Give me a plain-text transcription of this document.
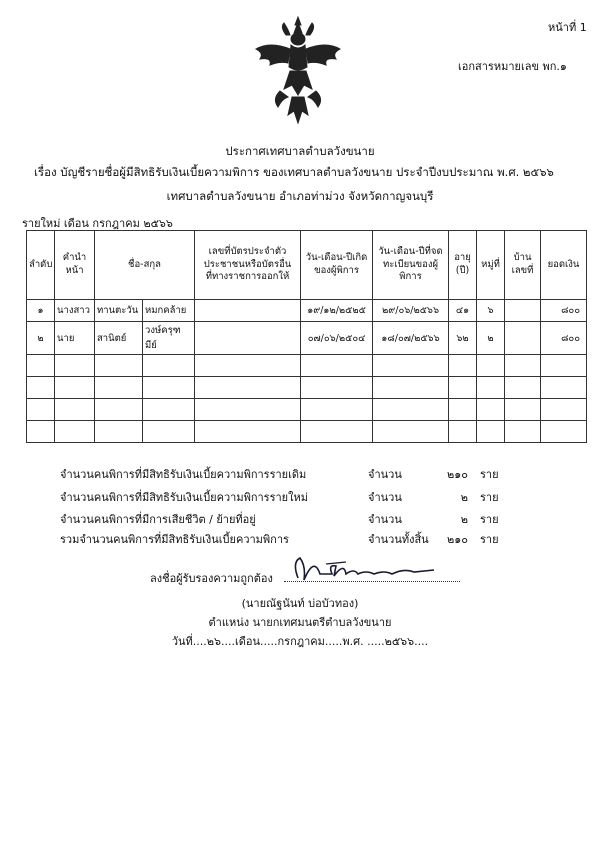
หน้าที่ 1
เอกสารหมายเลข พก.๑
ประกาศเทศบาลตำบลวังขนาย
เรื่อง บัญชีรายชื่อผู้มีสิทธิรับเงินเบี้ยความพิการ ของเทศบาลตำบลวังขนาย ประจำปีงบประมาณ พ.ศ. ๒๕๖๖
เทศบาลตำบลวังขนาย อำเภอท่าม่วง จังหวัดกาญจนบุรี
รายใหม่ เดือน กรกฎาคม ๒๕๖๖
ลำดับ	คำนำหน้า	ชื่อ-สกุล		เลขที่บัตรประจำตัวประชาชนหรือบัตรอื่นที่ทางราชการออกให้	วัน-เดือน-ปีเกิดของผู้พิการ	วัน-เดือน-ปีที่จดทะเบียนของผู้พิการ	อายุ (ปี)	หมู่ที่	บ้านเลขที่	ยอดเงิน
๑	นางสาว	ทานตะวัน	หมกคล้าย		๑๙/๑๒/๒๕๒๕	๒๙/๐๖/๒๕๖๖	๔๑	๖		๘๐๐
๒	นาย	สานิตย์	วงษ์ครุฑมีย์		๐๗/๐๖/๒๕๐๔	๑๘/๐๗/๒๕๖๖	๖๒	๒		๘๐๐

จำนวนคนพิการที่มีสิทธิรับเงินเบี้ยความพิการรายเดิม	จำนวน	๒๑๐ ราย
จำนวนคนพิการที่มีสิทธิรับเงินเบี้ยความพิการรายใหม่	จำนวน	๒ ราย
จำนวนคนพิการที่มีการเสียชีวิต / ย้ายที่อยู่	จำนวน	๒ ราย
รวมจำนวนคนพิการที่มีสิทธิรับเงินเบี้ยความพิการ	จำนวนทั้งสิ้น	๒๑๐ ราย
ลงชื่อผู้รับรองความถูกต้อง
(นายณัฐนันท์ บ่อบัวทอง)
ตำแหน่ง นายกเทศมนตรีตำบลวังขนาย
วันที่....๒๖....เดือน.....กรกฎาคม.....พ.ศ. .....๒๕๖๖....
